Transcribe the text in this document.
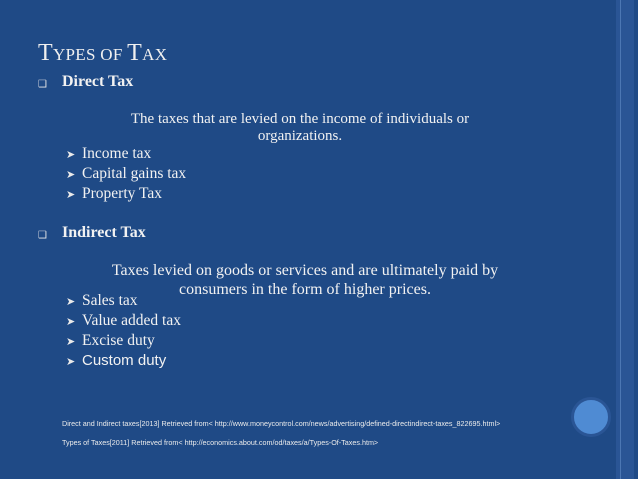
TYPES OF TAX
❑ Direct Tax
The taxes that are levied on the income of individuals or
organizations.
➤ Income tax
➤ Capital gains tax
➤ Property Tax
❑ Indirect Tax
Taxes levied on goods or services and are ultimately paid by
consumers in the form of higher prices.
➤ Sales tax
➤ Value added tax
➤ Excise duty
➤ Custom duty
Direct and Indirect taxes[2013] Retrieved from< http://www.moneycontrol.com/news/advertising/defined-directindirect-taxes_822695.html>
Types of Taxes[2011] Retrieved from< http://economics.about.com/od/taxes/a/Types-Of-Taxes.htm>
